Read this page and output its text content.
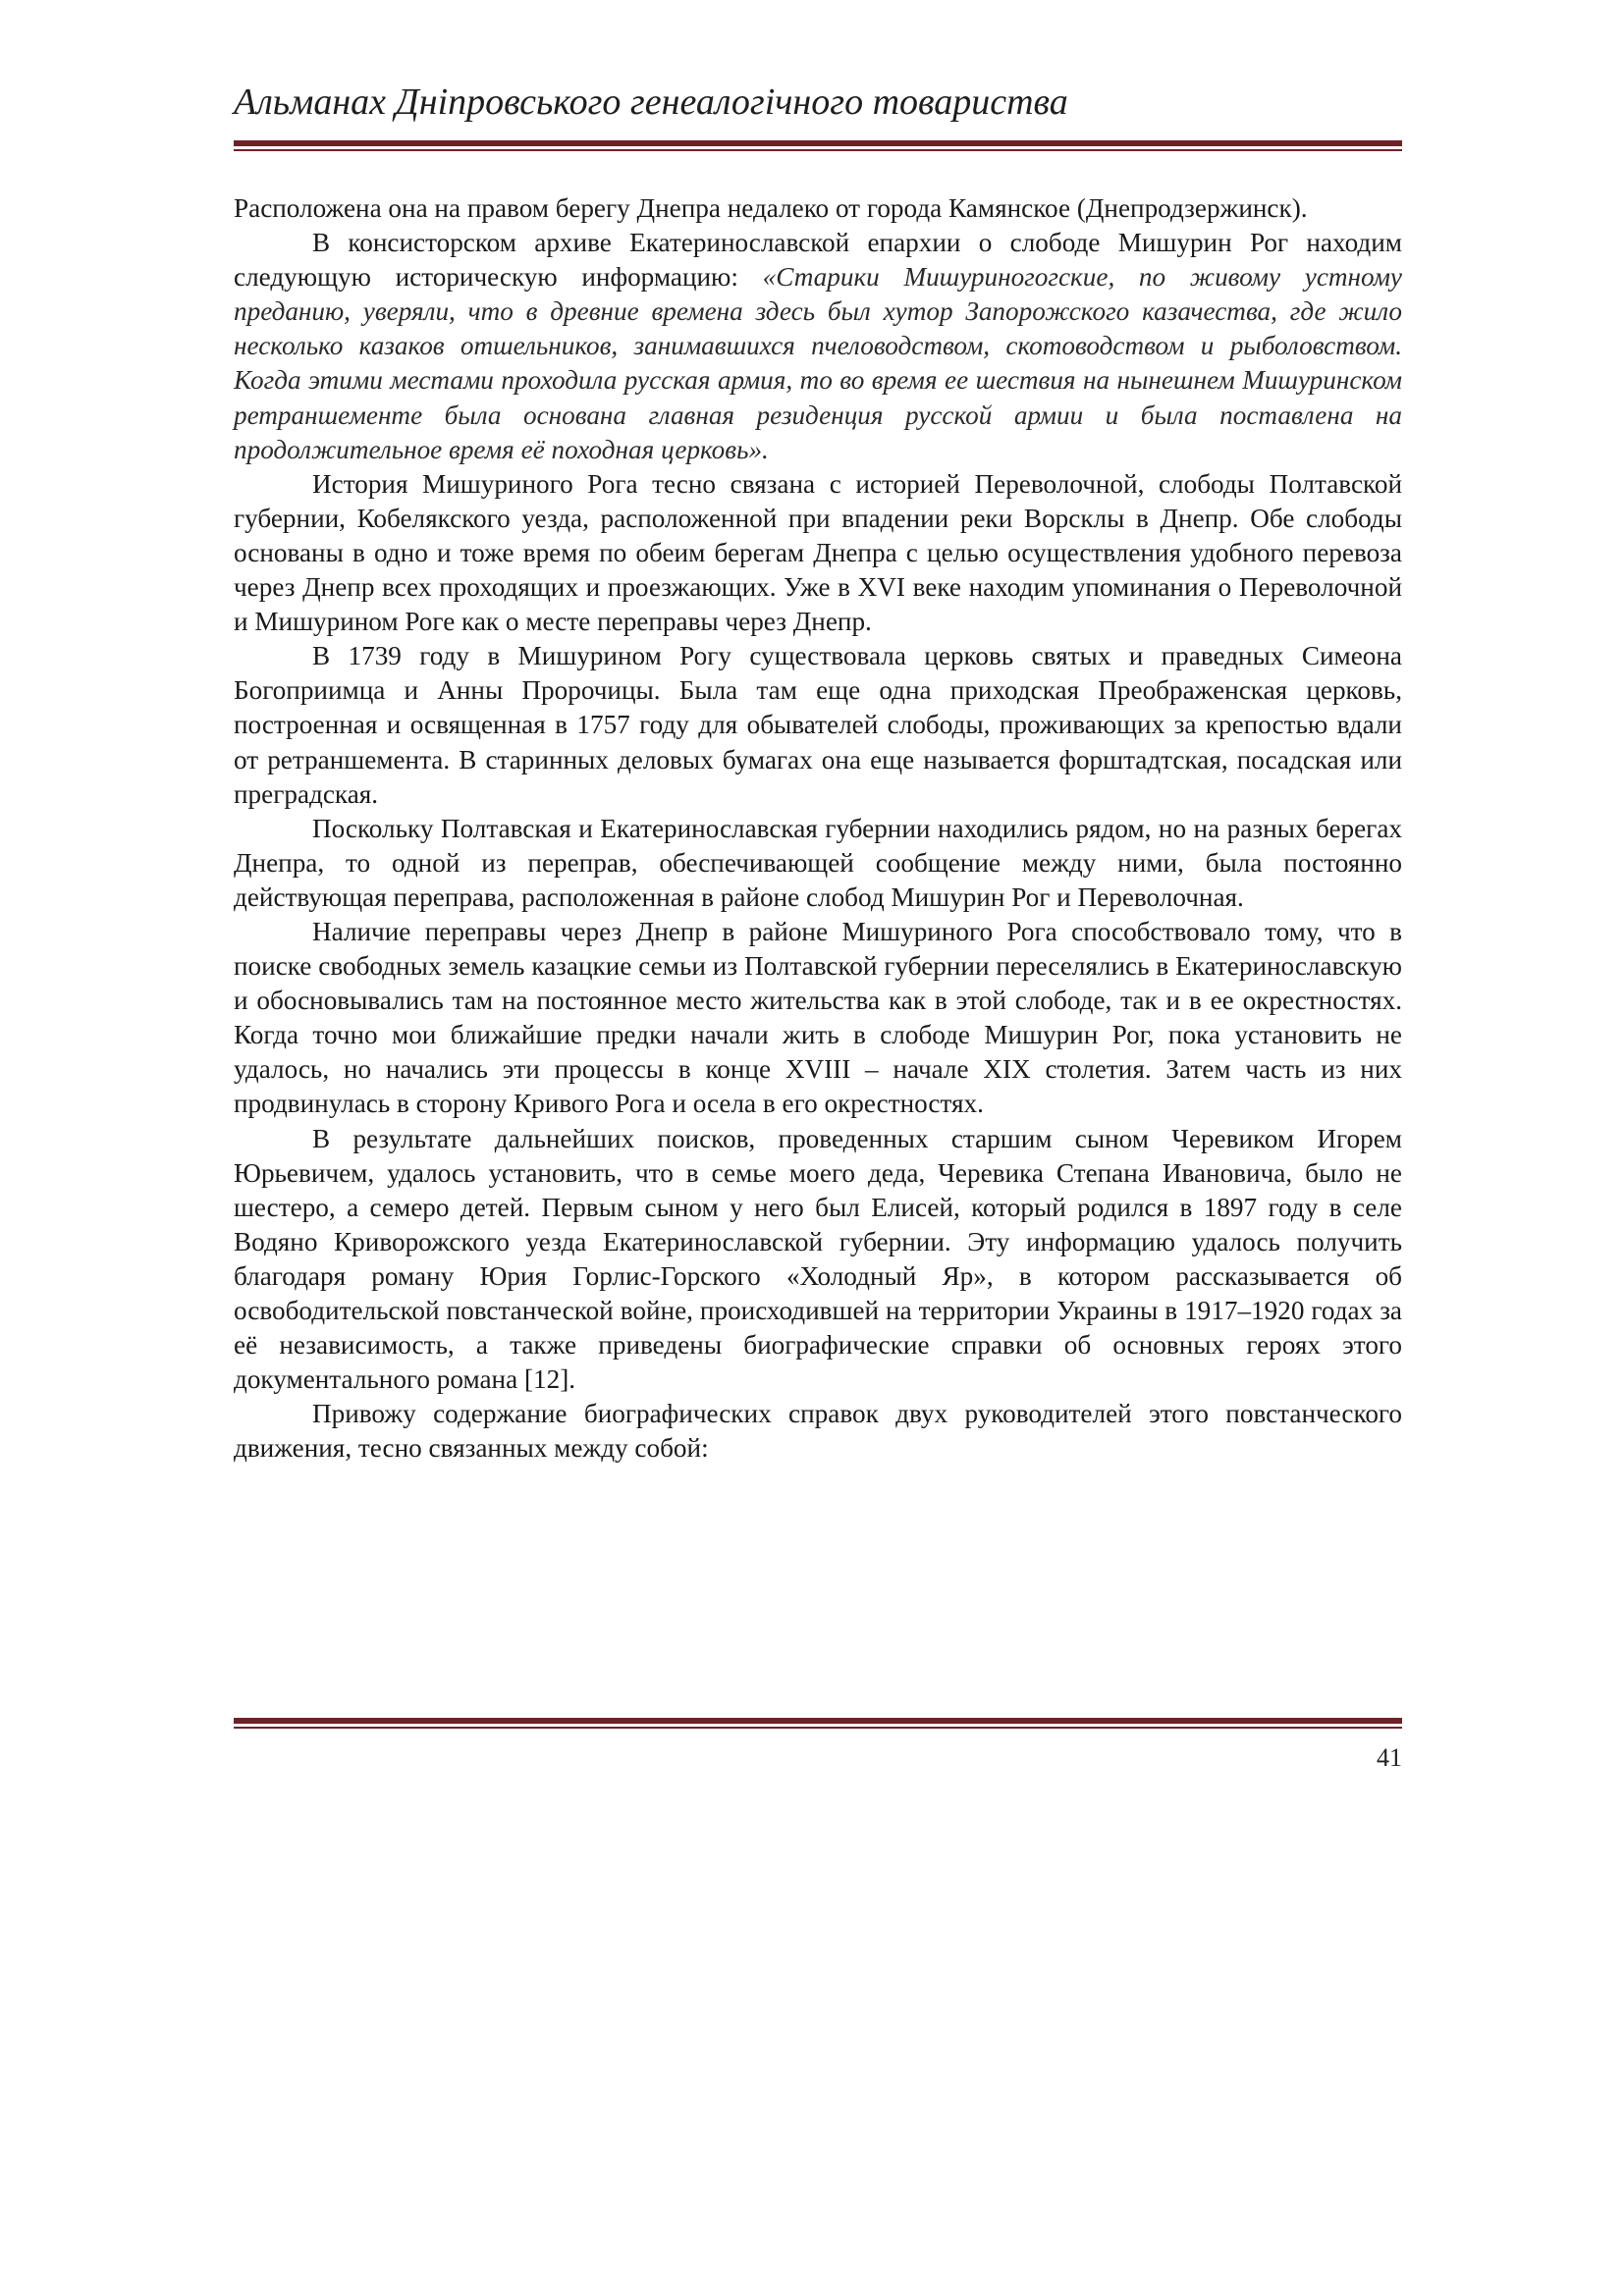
Альманах Дніпровського генеалогічного товариства

Расположена она на правом берегу Днепра недалеко от города Камянское (Днепродзержинск).

В консисторском архиве Екатеринославской епархии о слободе Мишурин Рог находим следующую историческую информацию: «Старики Мишуриногогские, по живому устному преданию, уверяли, что в древние времена здесь был хутор Запорожского казачества, где жило несколько казаков отшельников, занимавшихся пчеловодством, скотоводством и рыболовством. Когда этими местами проходила русская армия, то во время ее шествия на нынешнем Мишуринском ретраншементе была основана главная резиденция русской армии и была поставлена на продолжительное время её походная церковь».

История Мишуриного Рога тесно связана с историей Переволочной, слободы Полтавской губернии, Кобелякского уезда, расположенной при впадении реки Ворсклы в Днепр. Обе слободы основаны в одно и тоже время по обеим берегам Днепра с целью осуществления удобного перевоза через Днепр всех проходящих и проезжающих. Уже в XVI веке находим упоминания о Переволочной и Мишурином Роге как о месте переправы через Днепр.

В 1739 году в Мишурином Рогу существовала церковь святых и праведных Симеона Богоприимца и Анны Пророчицы. Была там еще одна приходская Преображенская церковь, построенная и освященная в 1757 году для обывателей слободы, проживающих за крепостью вдали от ретраншемента. В старинных деловых бумагах она еще называется форштадтская, посадская или преградская.

Поскольку Полтавская и Екатеринославская губернии находились рядом, но на разных берегах Днепра, то одной из переправ, обеспечивающей сообщение между ними, была постоянно действующая переправа, расположенная в районе слобод Мишурин Рог и Переволочная.

Наличие переправы через Днепр в районе Мишуриного Рога способствовало тому, что в поиске свободных земель казацкие семьи из Полтавской губернии переселялись в Екатеринославскую и обосновывались там на постоянное место жительства как в этой слободе, так и в ее окрестностях. Когда точно мои ближайшие предки начали жить в слободе Мишурин Рог, пока установить не удалось, но начались эти процессы в конце XVIII – начале XIX столетия. Затем часть из них продвинулась в сторону Кривого Рога и осела в его окрестностях.

В результате дальнейших поисков, проведенных старшим сыном Черевиком Игорем Юрьевичем, удалось установить, что в семье моего деда, Черевика Степана Ивановича, было не шестеро, а семеро детей. Первым сыном у него был Елисей, который родился в 1897 году в селе Водяно Криворожского уезда Екатеринославской губернии. Эту информацию удалось получить благодаря роману Юрия Горлис-Горского «Холодный Яр», в котором рассказывается об освободительской повстанческой войне, происходившей на территории Украины в 1917–1920 годах за её независимость, а также приведены биографические справки об основных героях этого документального романа [12].

Привожу содержание биографических справок двух руководителей этого повстанческого движения, тесно связанных между собой:

41
